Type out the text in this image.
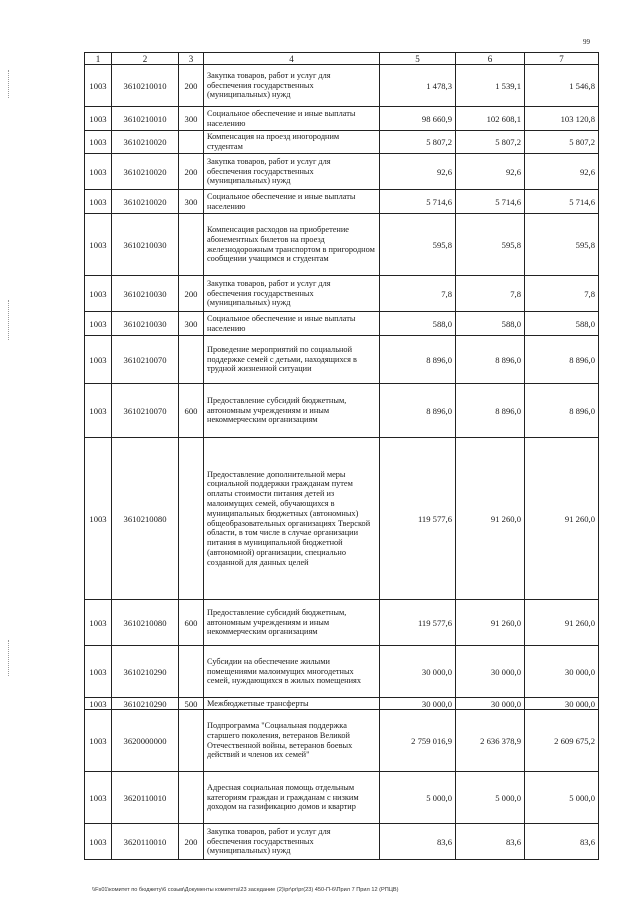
99
1	2	3	4	5	6	7
1003	3610210010	200	Закупка товаров, работ и услуг для обеспечения государственных (муниципальных) нужд	1 478,3	1 539,1	1 546,8
1003	3610210010	300	Социальное обеспечение и иные выплаты населению	98 660,9	102 608,1	103 120,8
1003	3610210020		Компенсация на проезд иногородним студентам	5 807,2	5 807,2	5 807,2
1003	3610210020	200	Закупка товаров, работ и услуг для обеспечения государственных (муниципальных) нужд	92,6	92,6	92,6
1003	3610210020	300	Социальное обеспечение и иные выплаты населению	5 714,6	5 714,6	5 714,6
1003	3610210030		Компенсация расходов на приобретение абонементных билетов на проезд железнодорожным транспортом в пригородном сообщении учащимся и студентам	595,8	595,8	595,8
1003	3610210030	200	Закупка товаров, работ и услуг для обеспечения государственных (муниципальных) нужд	7,8	7,8	7,8
1003	3610210030	300	Социальное обеспечение и иные выплаты населению	588,0	588,0	588,0
1003	3610210070		Проведение мероприятий по социальной поддержке семей с детьми, находящихся в трудной жизненной ситуации	8 896,0	8 896,0	8 896,0
1003	3610210070	600	Предоставление субсидий бюджетным, автономным учреждениям и иным некоммерческим организациям	8 896,0	8 896,0	8 896,0
1003	3610210080		Предоставление дополнительной меры социальной поддержки гражданам путем оплаты стоимости питания детей из малоимущих семей, обучающихся в муниципальных бюджетных (автономных) общеобразовательных организациях Тверской области, в том числе в случае организации питания в муниципальной бюджетной (автономной) организации, специально созданной для данных целей	119 577,6	91 260,0	91 260,0
1003	3610210080	600	Предоставление субсидий бюджетным, автономным учреждениям и иным некоммерческим организациям	119 577,6	91 260,0	91 260,0
1003	3610210290		Субсидии на обеспечение жилыми помещениями малоимущих многодетных семей, нуждающихся в жилых помещениях	30 000,0	30 000,0	30 000,0
1003	3610210290	500	Межбюджетные трансферты	30 000,0	30 000,0	30 000,0
1003	3620000000		Подпрограмма "Социальная поддержка старшего поколения, ветеранов Великой Отечественной войны, ветеранов боевых действий и членов их семей"	2 759 016,9	2 636 378,9	2 609 675,2
1003	3620110010		Адресная социальная помощь отдельным категориям граждан и гражданам с низким доходом на газификацию домов и квартир	5 000,0	5 000,0	5 000,0
1003	3620110010	200	Закупка товаров, работ и услуг для обеспечения государственных (муниципальных) нужд	83,6	83,6	83,6
\\Fs01\комитет по бюджету\6 созыв\Документы комитета\23 заседание (2)\pr\pr\pr(23) 450-П-6\Прил 7 Прил 12 (РПЦВ)
